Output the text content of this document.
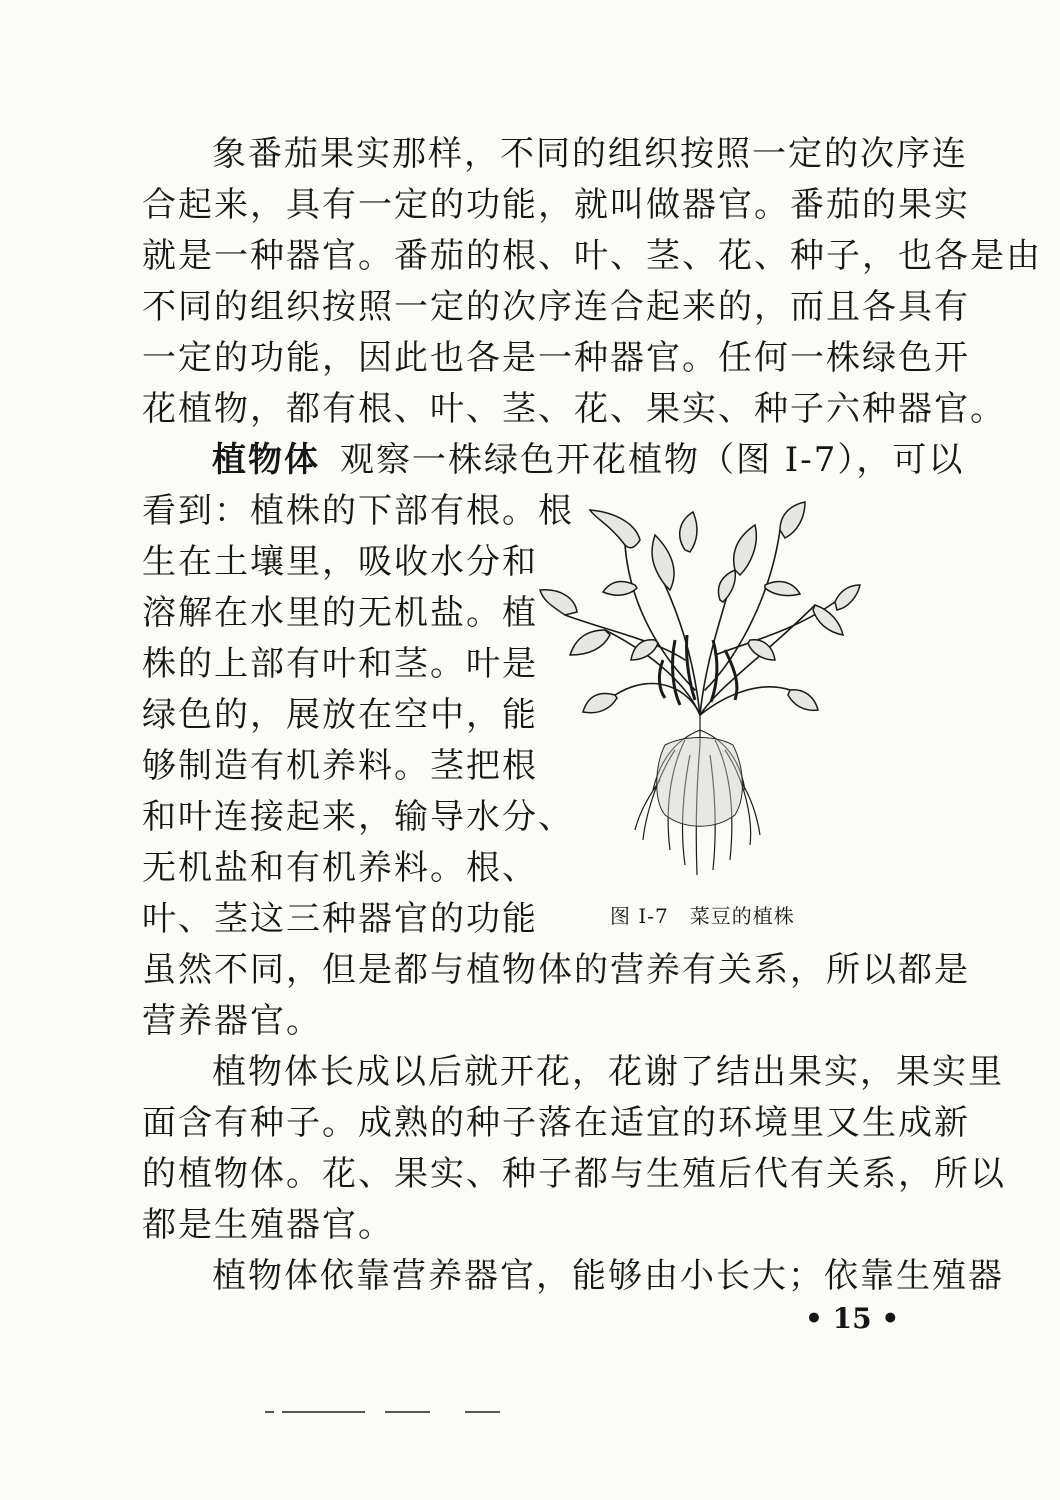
象番茄果实那样，不同的组织按照一定的次序连
合起来，具有一定的功能，就叫做器官。番茄的果实
就是一种器官。番茄的根、叶、茎、花、种子，也各是由
不同的组织按照一定的次序连合起来的，而且各具有
一定的功能，因此也各是一种器官。任何一株绿色开
花植物，都有根、叶、茎、花、果实、种子六种器官。
植物体 观察一株绿色开花植物（图 I-7），可以
看到：植株的下部有根。根
生在土壤里，吸收水分和
溶解在水里的无机盐。植
株的上部有叶和茎。叶是
绿色的，展放在空中，能
够制造有机养料。茎把根
和叶连接起来，输导水分、
无机盐和有机养料。根、
叶、茎这三种器官的功能	图 I-7　菜豆的植株
虽然不同，但是都与植物体的营养有关系，所以都是
营养器官。
植物体长成以后就开花，花谢了结出果实，果实里
面含有种子。成熟的种子落在适宜的环境里又生成新
的植物体。花、果实、种子都与生殖后代有关系，所以
都是生殖器官。
植物体依靠营养器官，能够由小长大；依靠生殖器
• 15 •
